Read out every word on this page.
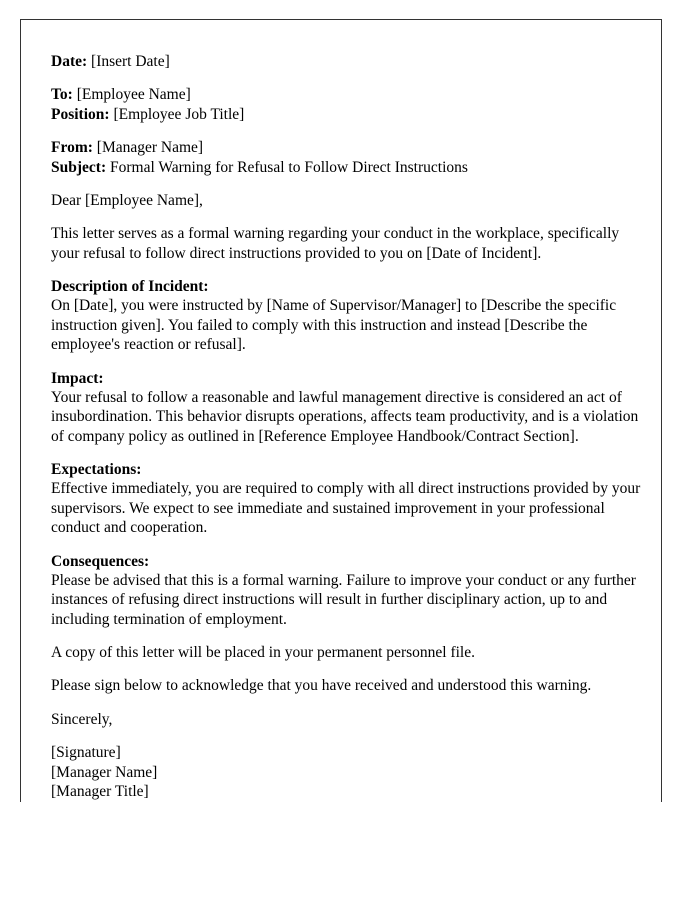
Date: [Insert Date]

To: [Employee Name]
Position: [Employee Job Title]

From: [Manager Name]
Subject: Formal Warning for Refusal to Follow Direct Instructions

Dear [Employee Name],

This letter serves as a formal warning regarding your conduct in the workplace, specifically your refusal to follow direct instructions provided to you on [Date of Incident].

Description of Incident:
On [Date], you were instructed by [Name of Supervisor/Manager] to [Describe the specific instruction given]. You failed to comply with this instruction and instead [Describe the employee's reaction or refusal].

Impact:
Your refusal to follow a reasonable and lawful management directive is considered an act of insubordination. This behavior disrupts operations, affects team productivity, and is a violation of company policy as outlined in [Reference Employee Handbook/Contract Section].

Expectations:
Effective immediately, you are required to comply with all direct instructions provided by your supervisors. We expect to see immediate and sustained improvement in your professional conduct and cooperation.

Consequences:
Please be advised that this is a formal warning. Failure to improve your conduct or any further instances of refusing direct instructions will result in further disciplinary action, up to and including termination of employment.

A copy of this letter will be placed in your permanent personnel file.

Please sign below to acknowledge that you have received and understood this warning.

Sincerely,

[Signature]
[Manager Name]
[Manager Title]
